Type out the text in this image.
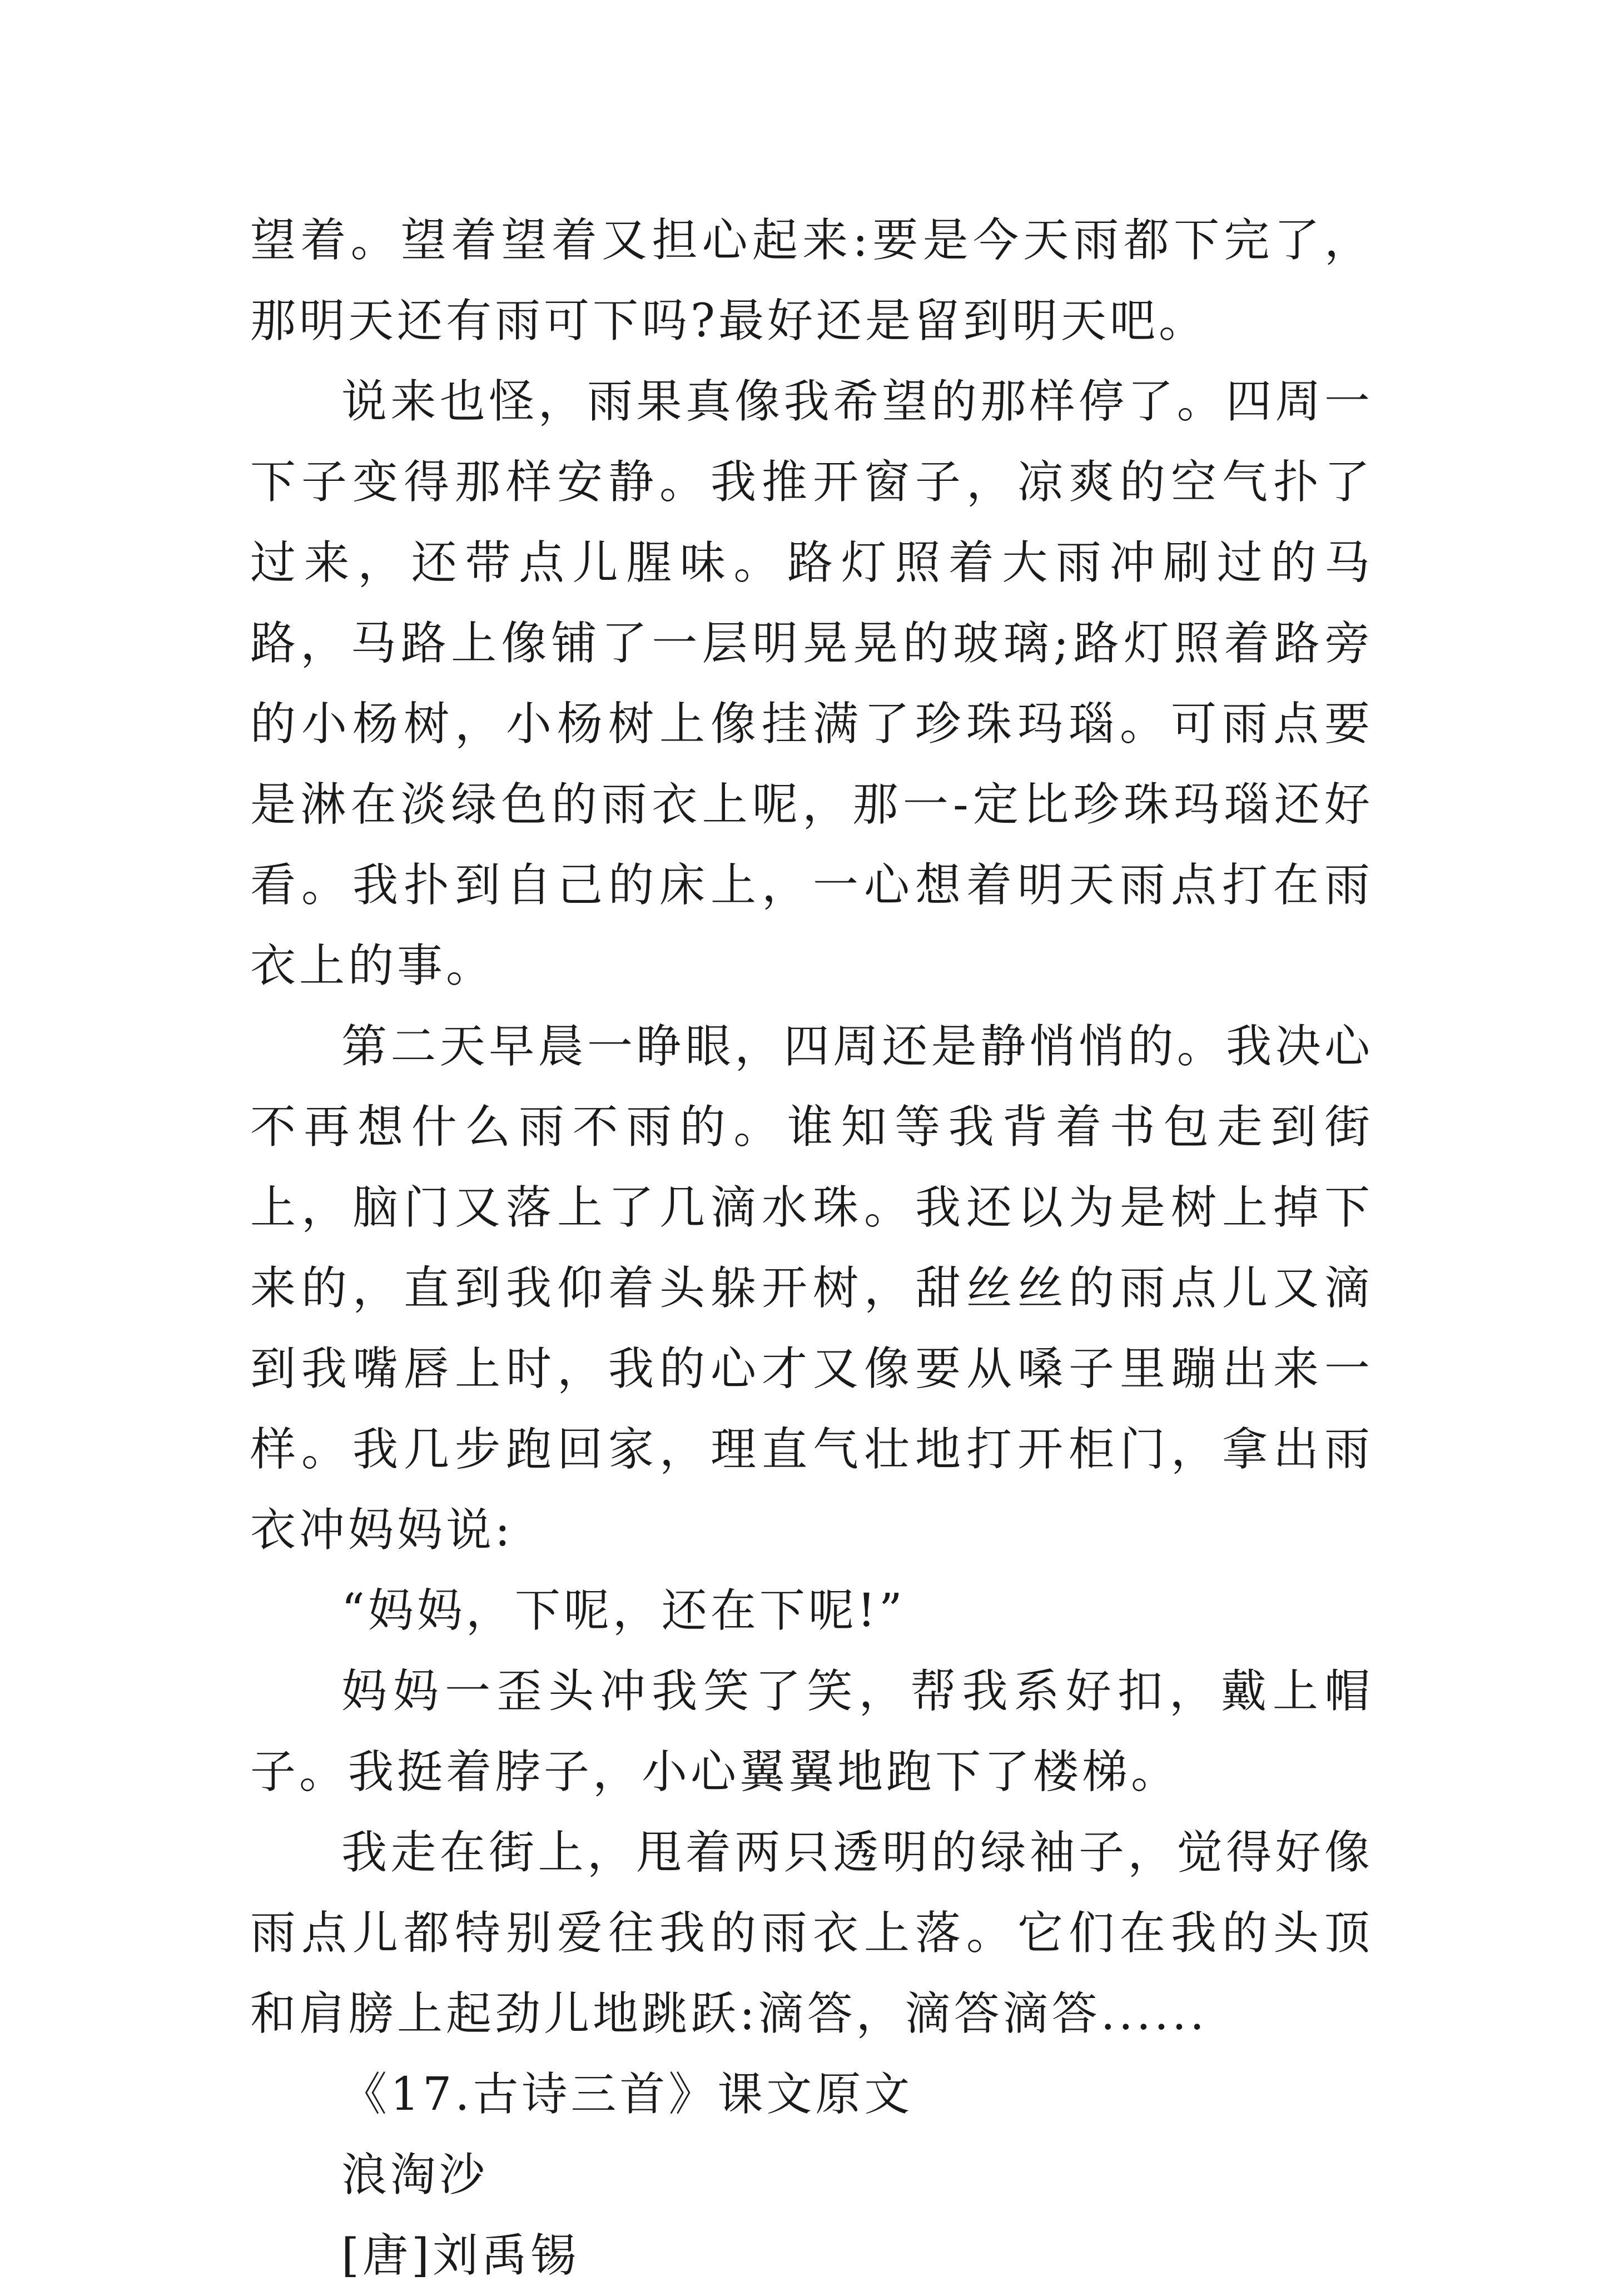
望着。望着望着又担心起来:要是今天雨都下完了，那明天还有雨可下吗?最好还是留到明天吧。

说来也怪，雨果真像我希望的那样停了。四周一下子变得那样安静。我推开窗子，凉爽的空气扑了过来，还带点儿腥味。路灯照着大雨冲刷过的马路，马路上像铺了一层明晃晃的玻璃;路灯照着路旁的小杨树，小杨树上像挂满了珍珠玛瑙。可雨点要是淋在淡绿色的雨衣上呢，那一-定比珍珠玛瑙还好看。我扑到自己的床上，一心想着明天雨点打在雨衣上的事。

第二天早晨一睁眼，四周还是静悄悄的。我决心不再想什么雨不雨的。谁知等我背着书包走到街上，脑门又落上了几滴水珠。我还以为是树上掉下来的，直到我仰着头躲开树，甜丝丝的雨点儿又滴到我嘴唇上时，我的心才又像要从嗓子里蹦出来一样。我几步跑回家，理直气壮地打开柜门，拿出雨衣冲妈妈说:

“妈妈，下呢，还在下呢!”

妈妈一歪头冲我笑了笑，帮我系好扣，戴上帽子。我挺着脖子，小心翼翼地跑下了楼梯。

我走在街上，甩着两只透明的绿袖子，觉得好像雨点儿都特别爱往我的雨衣上落。它们在我的头顶和肩膀上起劲儿地跳跃:滴答，滴答滴答......

《17.古诗三首》课文原文

浪淘沙

[唐]刘禹锡
